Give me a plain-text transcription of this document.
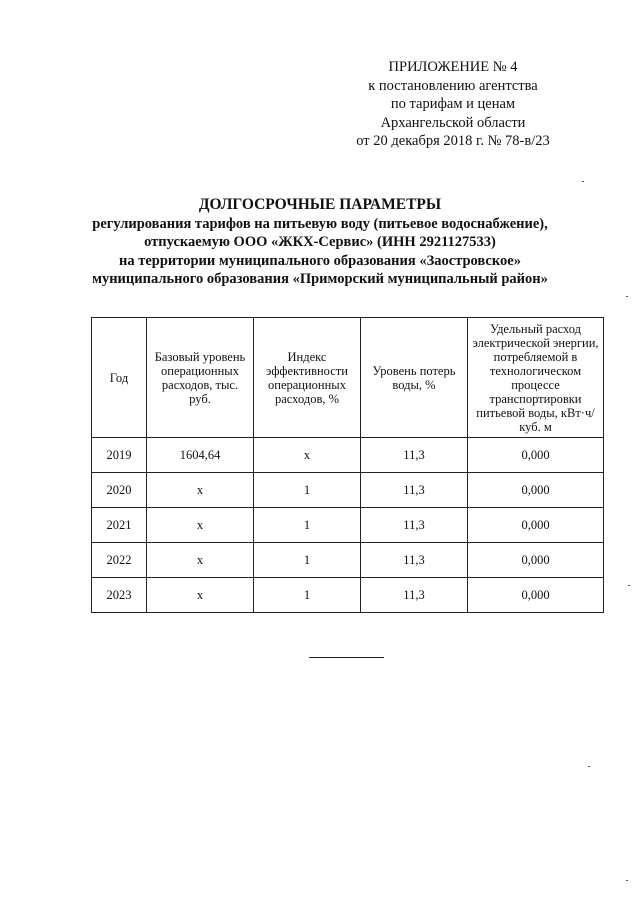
ПРИЛОЖЕНИЕ № 4
к постановлению агентства
по тарифам и ценам
Архангельской области
от 20 декабря 2018 г. № 78-в/23
ДОЛГОСРОЧНЫЕ ПАРАМЕТРЫ
регулирования тарифов на питьевую воду (питьевое водоснабжение),
отпускаемую ООО «ЖКХ-Сервис» (ИНН 2921127533)
на территории муниципального образования «Заостровское»
муниципального образования «Приморский муниципальный район»
Год	Базовый уровень операционных расходов, тыс. руб.	Индекс эффективности операционных расходов, %	Уровень потерь воды, %	Удельный расход электрической энергии, потребляемой в технологическом процессе транспортировки питьевой воды, кВт·ч/куб. м
2019	1604,64	х	11,3	0,000
2020	х	1	11,3	0,000
2021	х	1	11,3	0,000
2022	х	1	11,3	0,000
2023	х	1	11,3	0,000
